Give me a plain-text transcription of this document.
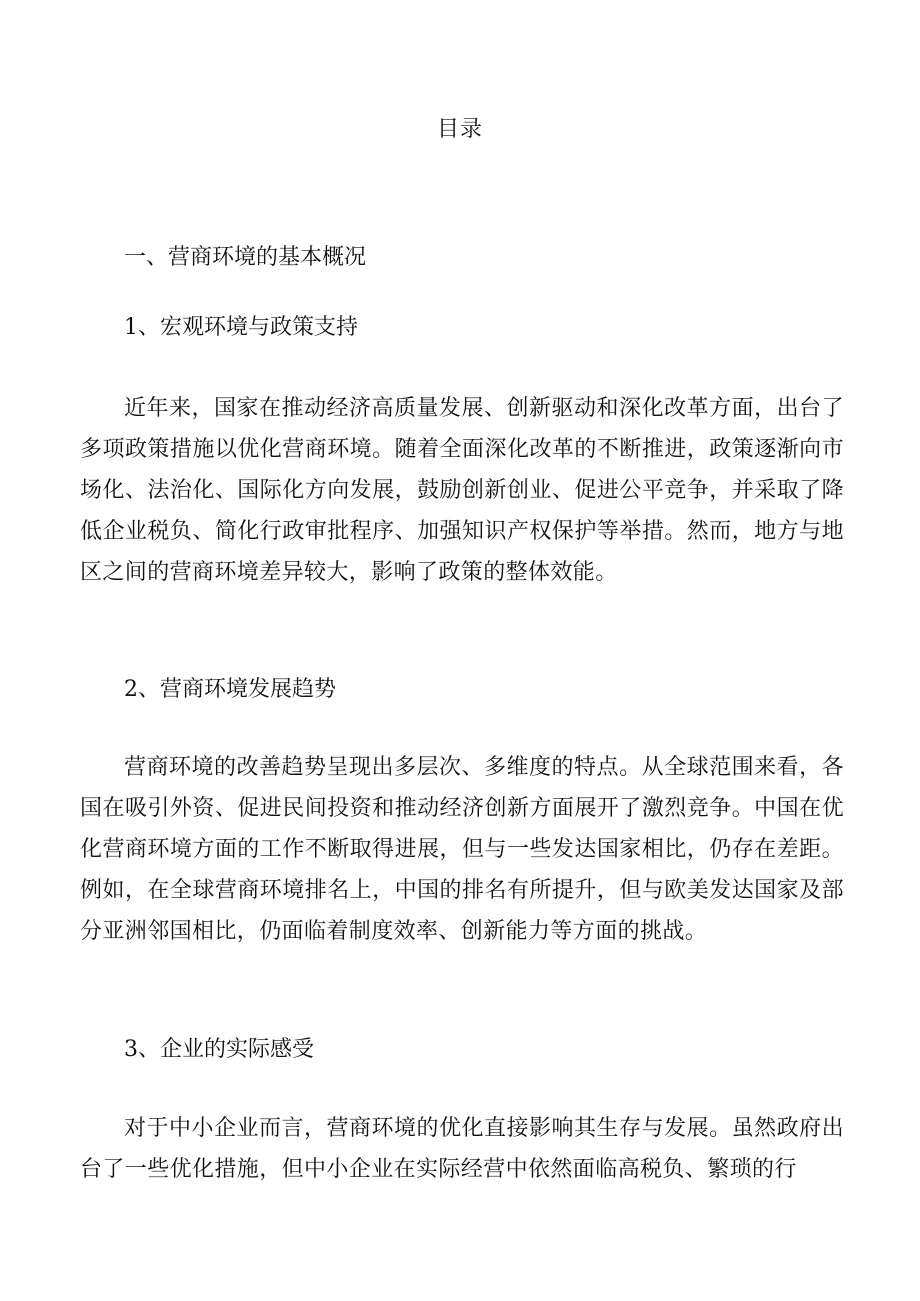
目录
一、营商环境的基本概况
1、宏观环境与政策支持
近年来，国家在推动经济高质量发展、创新驱动和深化改革方面，出台了多项政策措施以优化营商环境。随着全面深化改革的不断推进，政策逐渐向市场化、法治化、国际化方向发展，鼓励创新创业、促进公平竞争，并采取了降低企业税负、简化行政审批程序、加强知识产权保护等举措。然而，地方与地区之间的营商环境差异较大，影响了政策的整体效能。
2、营商环境发展趋势
营商环境的改善趋势呈现出多层次、多维度的特点。从全球范围来看，各国在吸引外资、促进民间投资和推动经济创新方面展开了激烈竞争。中国在优化营商环境方面的工作不断取得进展，但与一些发达国家相比，仍存在差距。例如，在全球营商环境排名上，中国的排名有所提升，但与欧美发达国家及部分亚洲邻国相比，仍面临着制度效率、创新能力等方面的挑战。
3、企业的实际感受
对于中小企业而言，营商环境的优化直接影响其生存与发展。虽然政府出台了一些优化措施，但中小企业在实际经营中依然面临高税负、繁琐的行
